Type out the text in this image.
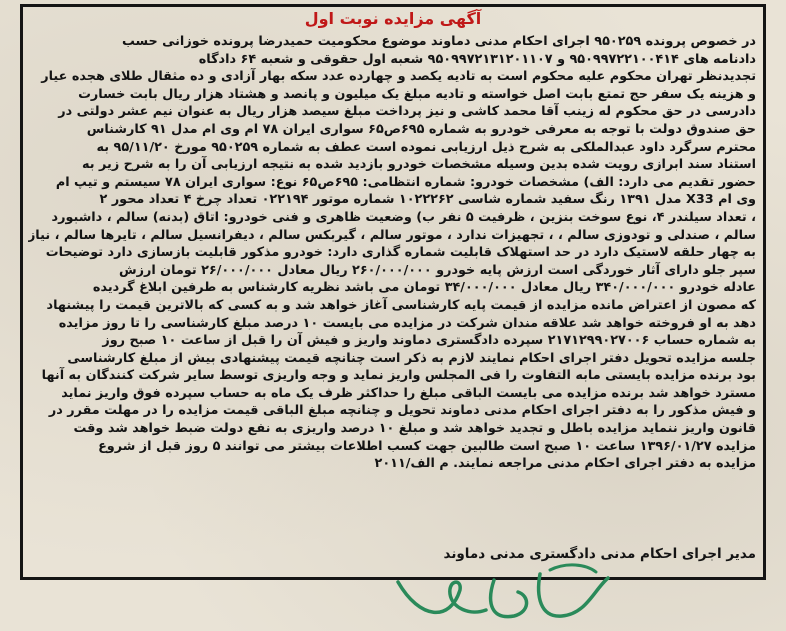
آگهی مزایده نوبت اول
در خصوص پرونده ۹۵۰۲۵۹ اجرای احکام مدنی دماوند موضوع محکومیت حمیدرضا پرونده خوزانی حسب
دادنامه های ۹۵۰۹۹۷۲۲۱۰۰۴۱۴ و ۹۵۰۹۹۷۲۱۳۱۲۰۱۱۰۷ شعبه اول حقوقی و شعبه ۶۴ دادگاه
تجدیدنظر تهران محکوم علیه محکوم است به تادیه یکصد و چهارده عدد سکه بهار آزادی و ده مثقال طلای هجده عیار
و هزینه یک سفر حج تمتع بابت اصل خواسته و تادیه مبلغ یک میلیون و پانصد و هشتاد هزار ریال بابت خسارت
دادرسی در حق محکوم له زینب آقا محمد کاشی و نیز پرداخت مبلغ سیصد هزار ریال به عنوان نیم عشر دولتی در
حق صندوق دولت با توجه به معرفی خودرو به شماره ۶۹۵ص۶۵ سواری ایران ۷۸ ام وی ام مدل ۹۱ کارشناس
محترم سرگرد داود عبدالملکی به شرح ذیل ارزیابی نموده است عطف به شماره ۹۵۰۲۵۹ مورخ ۹۵/۱۱/۲۰ به
استناد سند ابرازی رویت شده بدین وسیله مشخصات خودرو بازدید شده به نتیجه ارزیابی آن را به شرح زیر به
حضور تقدیم می دارد: الف) مشخصات خودرو: شماره انتظامی: ۶۹۵ص۶۵ نوع: سواری ایران ۷۸ سیستم و تیپ ام
وی ام X33 مدل ۱۳۹۱ رنگ سفید شماره شاسی ۱۰۲۲۲۶۲ شماره موتور ۰۲۲۱۹۴ تعداد چرخ ۴ تعداد محور ۲
، تعداد سیلندر ۴، نوع سوخت بنزین ، ظرفیت ۵ نفر ب) وضعیت ظاهری و فنی خودرو: اتاق (بدنه) سالم ، داشبورد
سالم ، صندلی و تودوزی سالم ، ، تجهیزات ندارد ، موتور سالم ، گیربکس سالم ، دیفرانسیل سالم ، تایرها سالم ، نیاز
به چهار حلقه لاستیک دارد در حد استهلاک قابلیت شماره گذاری دارد: خودرو مذکور قابلیت بازسازی دارد توضیحات
سپر جلو دارای آثار خوردگی است ارزش پایه خودرو ۲۶۰/۰۰۰/۰۰۰ ریال معادل ۲۶/۰۰۰/۰۰۰ تومان ارزش
عادله خودرو ۳۴۰/۰۰۰/۰۰۰ ریال معادل ۳۴/۰۰۰/۰۰۰ تومان می باشد نظریه کارشناس به طرفین ابلاغ گردیده
که مصون از اعتراض مانده مزایده از قیمت پایه کارشناسی آغاز خواهد شد و به کسی که بالاترین قیمت را پیشنهاد
دهد به او فروخته خواهد شد علاقه مندان شرکت در مزایده می بایست ۱۰ درصد مبلغ کارشناسی را تا روز مزایده
به شماره حساب ۲۱۷۱۲۹۹۰۲۷۰۰۶ سپرده دادگستری دماوند واریز و فیش آن را قبل از ساعت ۱۰ صبح روز
جلسه مزایده تحویل دفتر اجرای احکام نمایند لازم به ذکر است چنانچه قیمت پیشنهادی بیش از مبلغ کارشناسی
بود برنده مزایده بایستی مابه التفاوت را فی المجلس واریز نماید و وجه واریزی توسط سایر شرکت کنندگان به آنها
مسترد خواهد شد برنده مزایده می بایست الباقی مبلغ را حداکثر ظرف یک ماه به حساب سپرده فوق واریز نماید
و فیش مذکور را به دفتر اجرای احکام مدنی دماوند تحویل و چنانچه مبلغ الباقی قیمت مزایده را در مهلت مقرر در
قانون واریز ننماید مزایده باطل و تجدید خواهد شد و مبلغ ۱۰ درصد واریزی به نفع دولت ضبط خواهد شد وقت
مزایده ۱۳۹۶/۰۱/۲۷ ساعت ۱۰ صبح است طالبین جهت کسب اطلاعات بیشتر می توانند ۵ روز قبل از شروع
مزایده به دفتر اجرای احکام مدنی مراجعه نمایند. م الف/۲۰۱۱
مدیر اجرای احکام مدنی دادگستری مدنی دماوند
